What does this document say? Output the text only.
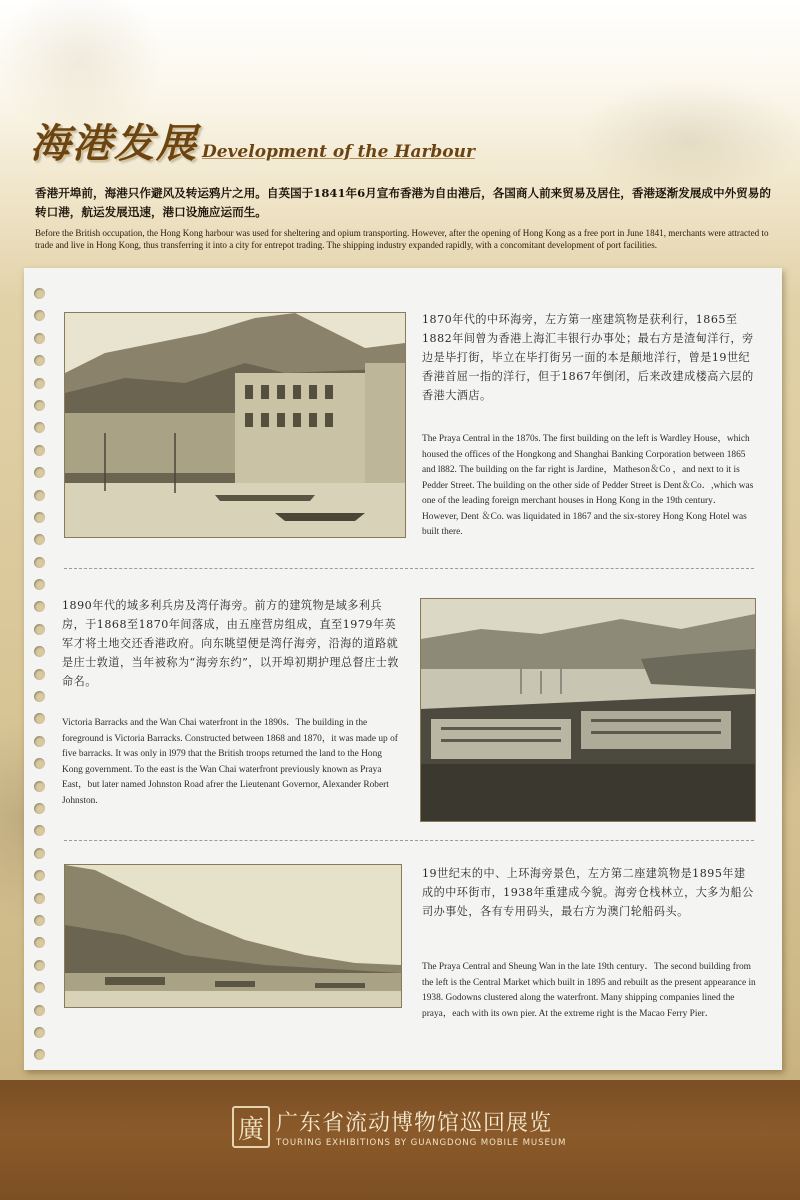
海港发展 Development of the Harbour
香港开埠前，海港只作避风及转运鸦片之用。自英国于1841年6月宣布香港为自由港后，各国商人前来贸易及居住，香港逐渐发展成中外贸易的转口港，航运发展迅速，港口设施应运而生。
Before the British occupation, the Hong Kong harbour was used for sheltering and opium transporting. However, after the opening of Hong Kong as a free port in June 1841, merchants were attracted to trade and live in Hong Kong, thus transferring it into a city for entrepot trading. The shipping industry expanded rapidly, with a concomitant development of port facilities.
1870年代的中环海旁，左方第一座建筑物是获利行，1865至1882年间曾为香港上海汇丰银行办事处；最右方是渣甸洋行，旁边是毕打街，毕立在毕打街另一面的本是颠地洋行，曾是19世纪香港首屈一指的洋行，但于1867年倒闭，后来改建成楼高六层的香港大酒店。
The Praya Central in the 1870s. The first building on the left is Wardley House，which housed the offices of the Hongkong and Shanghai Banking Corporation between 1865 and l882. The building on the far right is Jardine，Matheson＆Co ，and next to it is Pedder Street. The building on the other side of Pedder Street is Dent＆Co．,which was one of the leading foreign merchant houses in Hong Kong in the 19th century．However, Dent ＆Co. was liquidated in 1867 and the six-storey Hong Kong Hotel was built there.
1890年代的域多利兵房及湾仔海旁。前方的建筑物是域多利兵房，于1868至1870年间落成，由五座营房组成，直至1979年英军才将土地交还香港政府。向东眺望便是湾仔海旁，沿海的道路就是庄士敦道，当年被称为“海旁东约”，以开埠初期护理总督庄士敦命名。
Victoria Barracks and the Wan Chai waterfront in the 1890s．The building in the foreground is Victoria Barracks. Constructed between 1868 and 1870，it was made up of five barracks. It was only in l979 that the British troops returned the land to the Hong Kong government. To the east is the Wan Chai waterfront previously known as Praya East，but later named Johnston Road afrer the Lieutenant Governor, Alexander Robert Johnston.
19世纪末的中、上环海旁景色，左方第二座建筑物是1895年建成的中环街市，1938年重建成今貌。海旁仓栈林立，大多为船公司办事处，各有专用码头，最右方为澳门轮船码头。
The Praya Central and Sheung Wan in the late 19th century．The second building from the left is the Central Market which built in 1895 and rebuilt as the present appearance in 1938. Godowns clustered along the waterfront. Many shipping companies lined the praya，each with its own pier. At the extreme right is the Macao Ferry Pier．
廣 广东省流动博物馆巡回展览
TOURING EXHIBITIONS BY GUANGDONG MOBILE MUSEUM
